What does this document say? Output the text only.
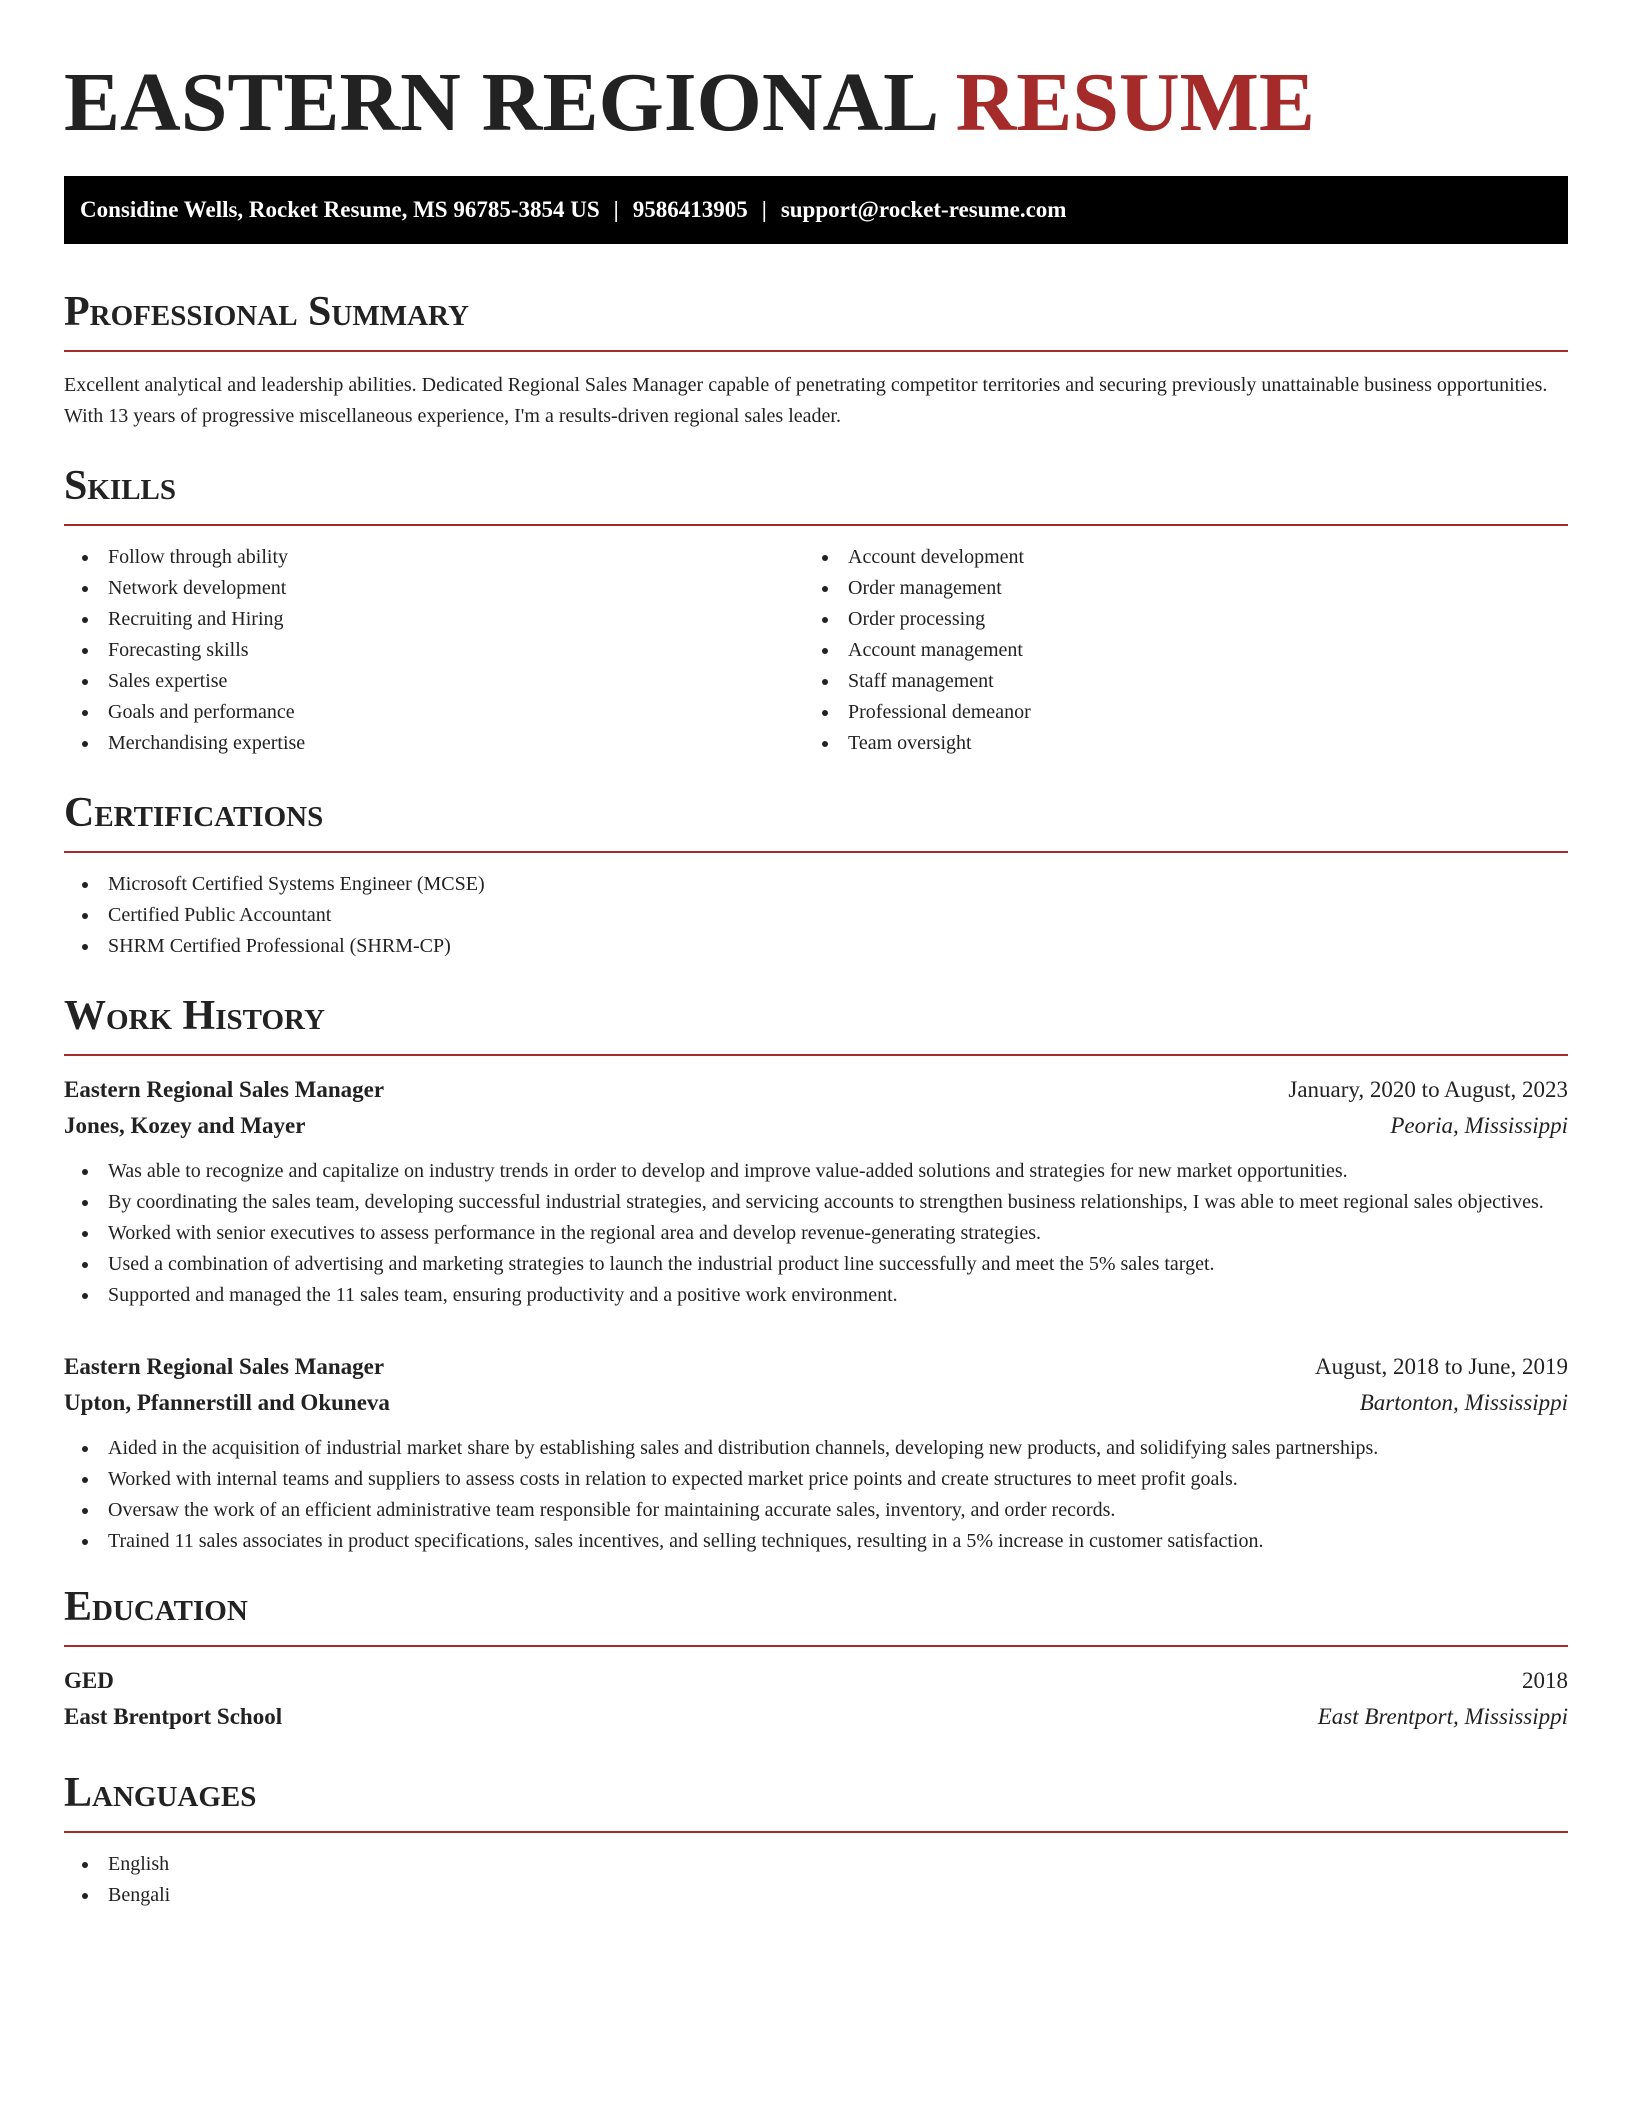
EASTERN REGIONAL RESUME
Considine Wells, Rocket Resume, MS 96785-3854 US | 9586413905 | support@rocket-resume.com
Professional Summary

Excellent analytical and leadership abilities. Dedicated Regional Sales Manager capable of penetrating competitor territories and securing previously unattainable business opportunities. With 13 years of progressive miscellaneous experience, I'm a results-driven regional sales leader.

Skills
Follow through ability
Network development
Recruiting and Hiring
Forecasting skills
Sales expertise
Goals and performance
Merchandising expertise
Account development
Order management
Order processing
Account management
Staff management
Professional demeanor
Team oversight
Certifications
Microsoft Certified Systems Engineer (MCSE)
Certified Public Accountant
SHRM Certified Professional (SHRM-CP)
Work History
Eastern Regional Sales Manager	January, 2020 to August, 2023
Jones, Kozey and Mayer	Peoria, Mississippi
Was able to recognize and capitalize on industry trends in order to develop and improve value-added solutions and strategies for new market opportunities.
By coordinating the sales team, developing successful industrial strategies, and servicing accounts to strengthen business relationships, I was able to meet regional sales objectives.
Worked with senior executives to assess performance in the regional area and develop revenue-generating strategies.
Used a combination of advertising and marketing strategies to launch the industrial product line successfully and meet the 5% sales target.
Supported and managed the 11 sales team, ensuring productivity and a positive work environment.
Eastern Regional Sales Manager	August, 2018 to June, 2019
Upton, Pfannerstill and Okuneva	Bartonton, Mississippi
Aided in the acquisition of industrial market share by establishing sales and distribution channels, developing new products, and solidifying sales partnerships.
Worked with internal teams and suppliers to assess costs in relation to expected market price points and create structures to meet profit goals.
Oversaw the work of an efficient administrative team responsible for maintaining accurate sales, inventory, and order records.
Trained 11 sales associates in product specifications, sales incentives, and selling techniques, resulting in a 5% increase in customer satisfaction.
Education
GED	2018
East Brentport School	East Brentport, Mississippi
Languages
English
Bengali
